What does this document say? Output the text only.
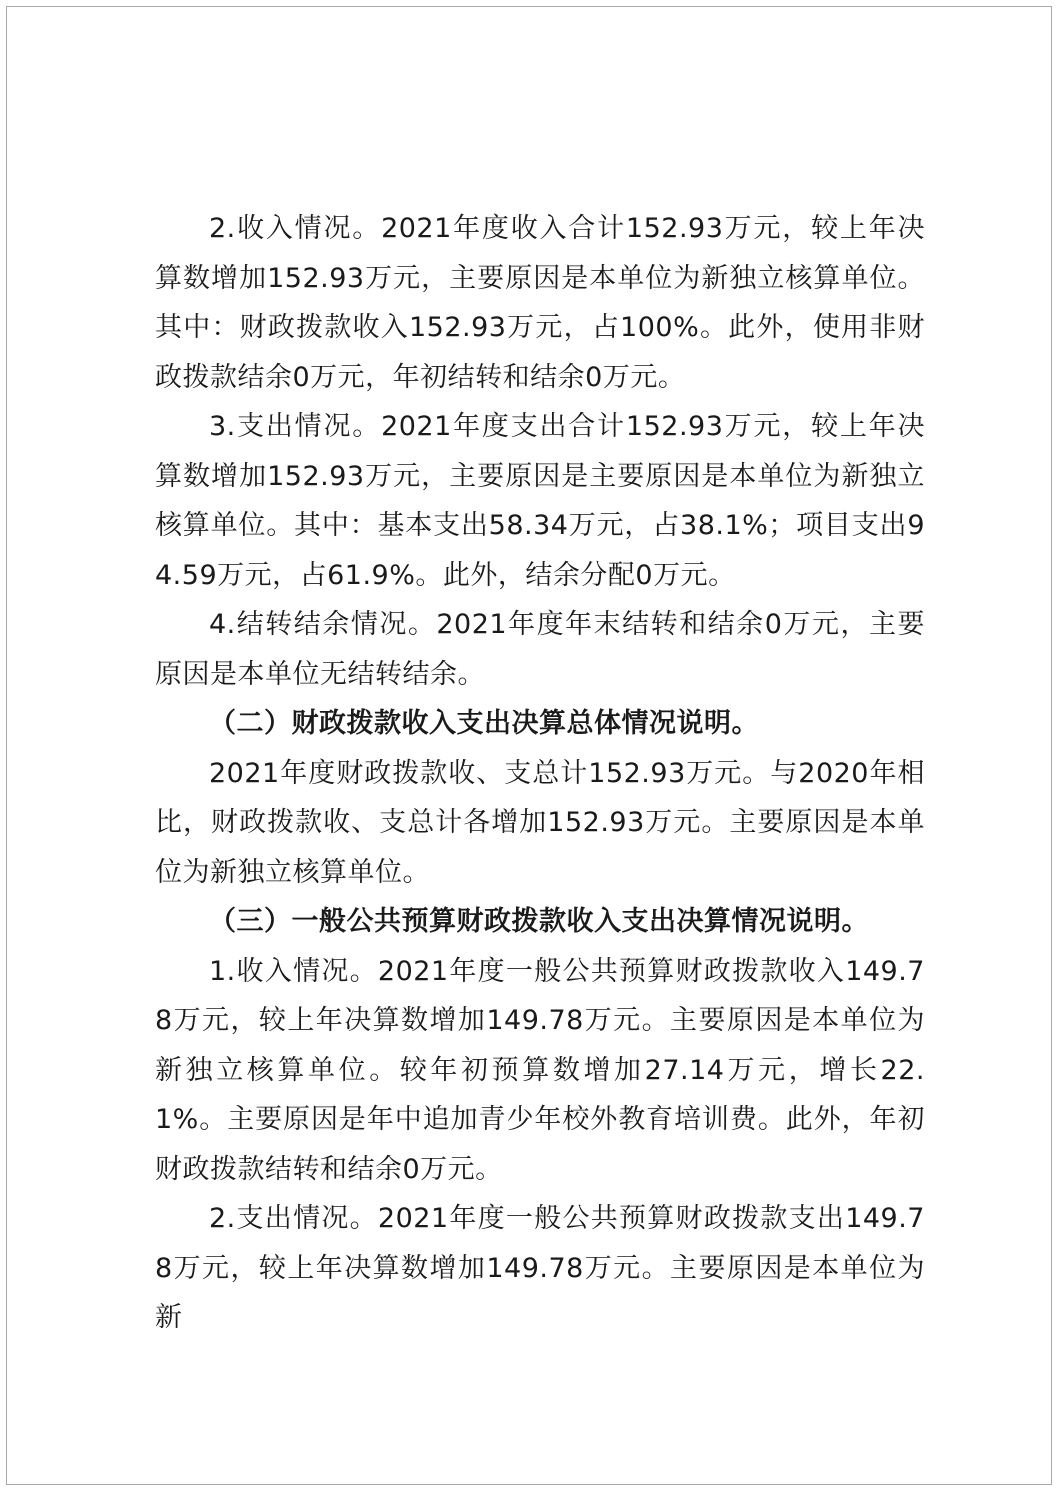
2.收入情况。2021年度收入合计152.93万元，较上年决算数增加152.93万元，主要原因是本单位为新独立核算单位。其中：财政拨款收入152.93万元，占100%。此外，使用非财政拨款结余0万元，年初结转和结余0万元。

3.支出情况。2021年度支出合计152.93万元，较上年决算数增加152.93万元，主要原因是主要原因是本单位为新独立核算单位。其中：基本支出58.34万元，占38.1%；项目支出94.59万元，占61.9%。此外，结余分配0万元。

4.结转结余情况。2021年度年末结转和结余0万元，主要原因是本单位无结转结余。

（二）财政拨款收入支出决算总体情况说明。

2021年度财政拨款收、支总计152.93万元。与2020年相比，财政拨款收、支总计各增加152.93万元。主要原因是本单位为新独立核算单位。

（三）一般公共预算财政拨款收入支出决算情况说明。

1.收入情况。2021年度一般公共预算财政拨款收入149.78万元，较上年决算数增加149.78万元。主要原因是本单位为新独立核算单位。较年初预算数增加27.14万元，增长22.1%。主要原因是年中追加青少年校外教育培训费。此外，年初财政拨款结转和结余0万元。

2.支出情况。2021年度一般公共预算财政拨款支出149.78万元，较上年决算数增加149.78万元。主要原因是本单位为新
